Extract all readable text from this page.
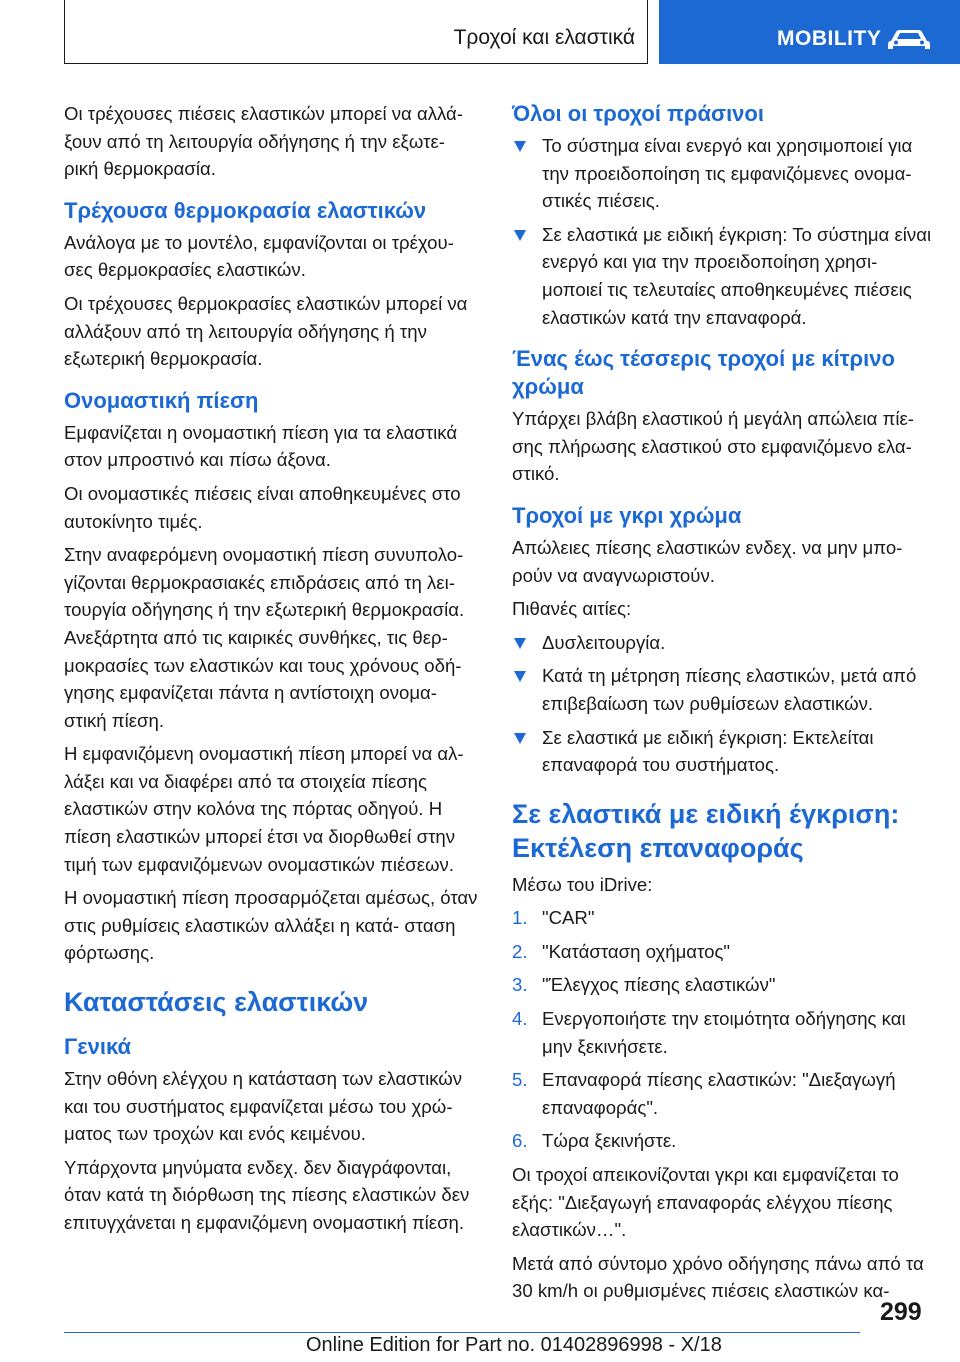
Τροχοί και ελαστικά	MOBILITY

Οι τρέχουσες πιέσεις ελαστικών μπορεί να αλλά‐ ξουν από τη λειτουργία οδήγησης ή την εξωτε‐ ρική θερμοκρασία.

Τρέχουσα θερμοκρασία ελαστικών

Ανάλογα με το μοντέλο, εμφανίζονται οι τρέχου‐ σες θερμοκρασίες ελαστικών.

Οι τρέχουσες θερμοκρασίες ελαστικών μπορεί να αλλάξουν από τη λειτουργία οδήγησης ή την εξωτερική θερμοκρασία.

Ονομαστική πίεση

Εμφανίζεται η ονομαστική πίεση για τα ελαστικά στον μπροστινό και πίσω άξονα.

Οι ονομαστικές πιέσεις είναι αποθηκευμένες στο αυτοκίνητο τιμές.

Στην αναφερόμενη ονομαστική πίεση συνυπολο‐ γίζονται θερμοκρασιακές επιδράσεις από τη λει‐ τουργία οδήγησης ή την εξωτερική θερμοκρασία. Ανεξάρτητα από τις καιρικές συνθήκες, τις θερ‐ μοκρασίες των ελαστικών και τους χρόνους οδή‐ γησης εμφανίζεται πάντα η αντίστοιχη ονομα‐ στική πίεση.

Η εμφανιζόμενη ονομαστική πίεση μπορεί να αλ‐ λάξει και να διαφέρει από τα στοιχεία πίεσης ελαστικών στην κολόνα της πόρτας οδηγού. Η πίεση ελαστικών μπορεί έτσι να διορθωθεί στην τιμή των εμφανιζόμενων ονομαστικών πιέσεων.

Η ονομαστική πίεση προσαρμόζεται αμέσως, όταν στις ρυθμίσεις ελαστικών αλλάξει η κατά‐ σταση φόρτωσης.

Καταστάσεις ελαστικών
Γενικά

Στην οθόνη ελέγχου η κατάσταση των ελαστικών και του συστήματος εμφανίζεται μέσω του χρώ‐ ματος των τροχών και ενός κειμένου.

Υπάρχοντα μηνύματα ενδεχ. δεν διαγράφονται, όταν κατά τη διόρθωση της πίεσης ελαστικών δεν επιτυγχάνεται η εμφανιζόμενη ονομαστική πίεση.

Όλοι οι τροχοί πράσινοι
Το σύστημα είναι ενεργό και χρησιμοποιεί για την προειδοποίηση τις εμφανιζόμενες ονομα‐ στικές πιέσεις.
Σε ελαστικά με ειδική έγκριση: Το σύστημα είναι ενεργό και για την προειδοποίηση χρησι‐ μοποιεί τις τελευταίες αποθηκευμένες πιέσεις ελαστικών κατά την επαναφορά.
Ένας έως τέσσερις τροχοί με κίτρινο χρώμα

Υπάρχει βλάβη ελαστικού ή μεγάλη απώλεια πίε‐ σης πλήρωσης ελαστικού στο εμφανιζόμενο ελα‐ στικό.

Τροχοί με γκρι χρώμα

Απώλειες πίεσης ελαστικών ενδεχ. να μην μπο‐ ρούν να αναγνωριστούν.

Πιθανές αιτίες:

Δυσλειτουργία.
Κατά τη μέτρηση πίεσης ελαστικών, μετά από επιβεβαίωση των ρυθμίσεων ελαστικών.
Σε ελαστικά με ειδική έγκριση: Εκτελείται επαναφορά του συστήματος.
Σε ελαστικά με ειδική έγκριση: Εκτέλεση επαναφοράς

Μέσω του iDrive:

1. "CAR"
2. "Κατάσταση οχήματος"
3. "Έλεγχος πίεσης ελαστικών"
4. Ενεργοποιήστε την ετοιμότητα οδήγησης και μην ξεκινήσετε.
5. Επαναφορά πίεσης ελαστικών: "Διεξαγωγή επαναφοράς".
6. Τώρα ξεκινήστε.

Οι τροχοί απεικονίζονται γκρι και εμφανίζεται το εξής: "Διεξαγωγή επαναφοράς ελέγχου πίεσης ελαστικών…".

Μετά από σύντομο χρόνο οδήγησης πάνω από τα 30 km/h οι ρυθμισμένες πιέσεις ελαστικών κα‐

299
Online Edition for Part no. 01402896998 - X/18
